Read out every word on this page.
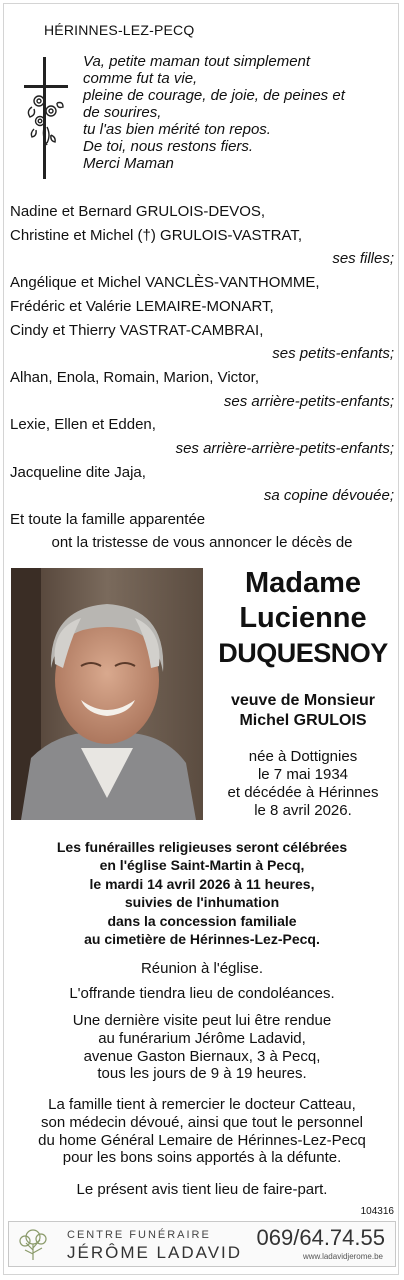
HÉRINNES-LEZ-PECQ
Va, petite maman tout simplement
comme fut ta vie,
pleine de courage, de joie, de peines et
de sourires,
tu l'as bien mérité ton repos.
De toi, nous restons fiers.
Merci Maman
Nadine et Bernard GRULOIS-DEVOS,
Christine et Michel (†) GRULOIS-VASTRAT,
ses filles;
Angélique et Michel VANCLÈS-VANTHOMME,
Frédéric et Valérie LEMAIRE-MONART,
Cindy et Thierry VASTRAT-CAMBRAI,
ses petits-enfants;
Alhan, Enola, Romain, Marion, Victor,
ses arrière-petits-enfants;
Lexie, Ellen et Edden,
ses arrière-arrière-petits-enfants;
Jacqueline dite Jaja,
sa copine dévouée;
Et toute la famille apparentée
ont la tristesse de vous annoncer le décès de
Madame
Lucienne
DUQUESNOY
veuve de Monsieur
Michel GRULOIS
née à Dottignies
le 7 mai 1934
et décédée à Hérinnes
le 8 avril 2026.
Les funérailles religieuses seront célébrées
en l'église Saint-Martin à Pecq,
le mardi 14 avril 2026 à 11 heures,
suivies de l'inhumation
dans la concession familiale
au cimetière de Hérinnes-Lez-Pecq.
Réunion à l'église.
L'offrande tiendra lieu de condoléances.
Une dernière visite peut lui être rendue
au funérarium Jérôme Ladavid,
avenue Gaston Biernaux, 3 à Pecq,
tous les jours de 9 à 19 heures.
La famille tient à remercier le docteur Catteau,
son médecin dévoué, ainsi que tout le personnel
du home Général Lemaire de Hérinnes-Lez-Pecq
pour les bons soins apportés à la défunte.
Le présent avis tient lieu de faire-part.
104316
CENTRE FUNÉRAIRE
JÉRÔME LADAVID
069/64.74.55
www.ladavidjerome.be
